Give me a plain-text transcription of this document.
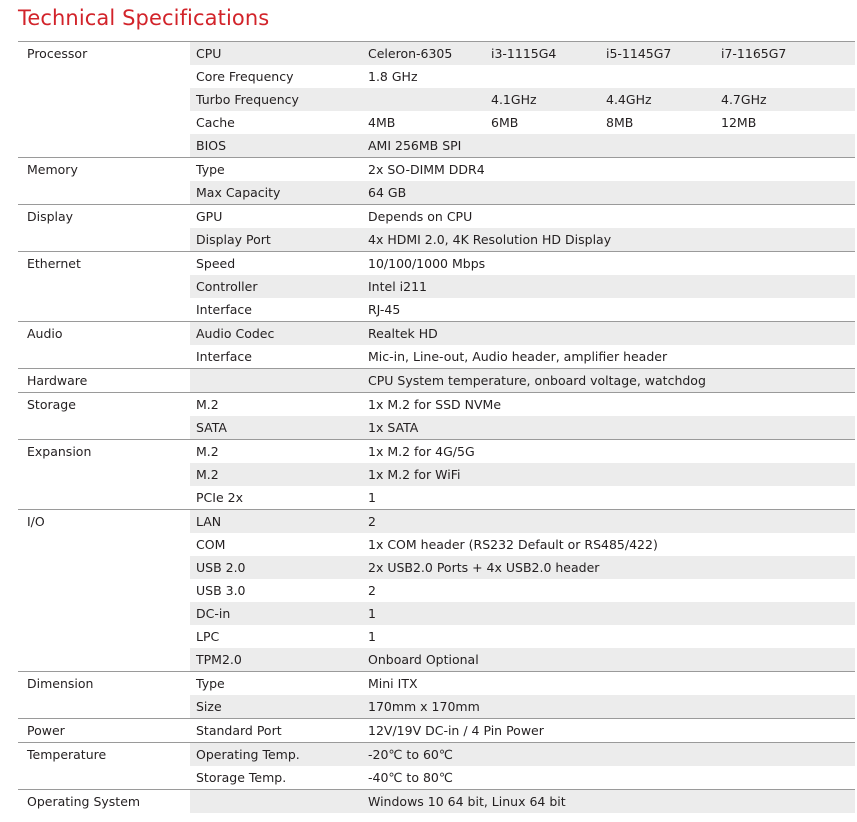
Technical Specifications
Processor	CPU	Celeron-6305	i3-1115G4	i5-1145G7	i7-1165G7
	Core Frequency	1.8 GHz			
	Turbo Frequency		4.1GHz	4.4GHz	4.7GHz
	Cache	4MB	6MB	8MB	12MB
	BIOS	AMI 256MB SPI			
Memory	Type	2x SO-DIMM DDR4			
	Max Capacity	64 GB			
Display	GPU	Depends on CPU			
	Display Port	4x HDMI 2.0, 4K Resolution HD Display			
Ethernet	Speed	10/100/1000 Mbps			
	Controller	Intel i211			
	Interface	RJ-45			
Audio	Audio Codec	Realtek HD			
	Interface	Mic-in, Line-out, Audio header, amplifier header			
Hardware		CPU System temperature, onboard voltage, watchdog			
Storage	M.2	1x M.2 for SSD NVMe			
	SATA	1x SATA			
Expansion	M.2	1x M.2 for 4G/5G			
	M.2	1x M.2 for WiFi			
	PCIe 2x	1			
I/O	LAN	2			
	COM	1x COM header (RS232 Default or RS485/422)			
	USB 2.0	2x USB2.0 Ports + 4x USB2.0 header			
	USB 3.0	2			
	DC-in	1			
	LPC	1			
	TPM2.0	Onboard Optional			
Dimension	Type	Mini ITX			
	Size	170mm x 170mm			
Power	Standard Port	12V/19V DC-in / 4 Pin Power			
Temperature	Operating Temp.	-20℃ to 60℃			
	Storage Temp.	-40℃ to 80℃			
Operating System		Windows 10 64 bit, Linux 64 bit			
